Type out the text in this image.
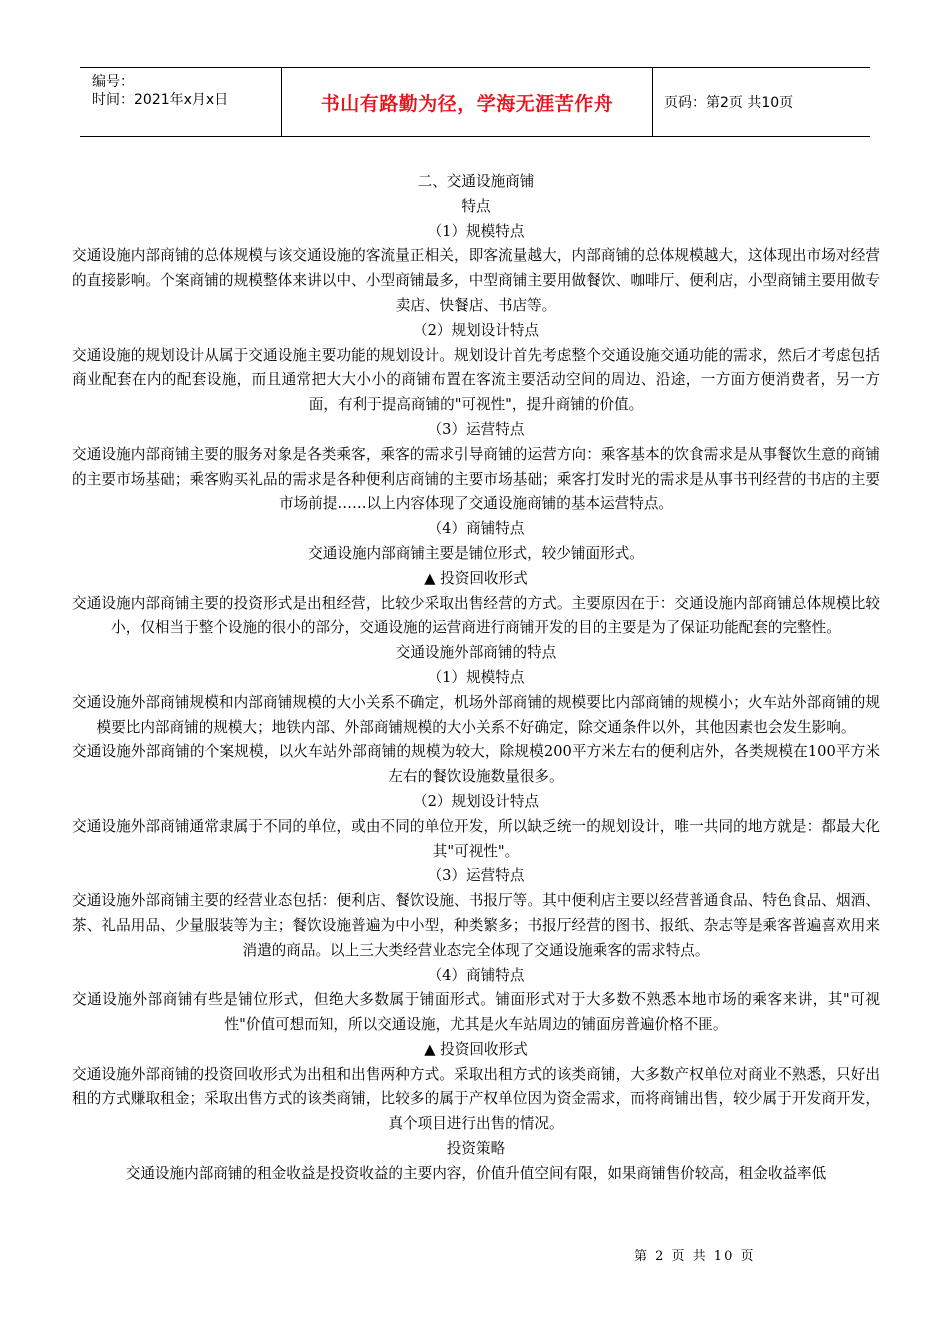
编号：
时间：2021年x月x日	书山有路勤为径，学海无涯苦作舟	页码：第2页 共10页
二、交通设施商铺
特点
（1）规模特点
交通设施内部商铺的总体规模与该交通设施的客流量正相关，即客流量越大，内部商铺的总体规模越大，这体现出市场对经营的直接影响。个案商铺的规模整体来讲以中、小型商铺最多，中型商铺主要用做餐饮、咖啡厅、便利店，小型商铺主要用做专卖店、快餐店、书店等。
（2）规划设计特点
交通设施的规划设计从属于交通设施主要功能的规划设计。规划设计首先考虑整个交通设施交通功能的需求，然后才考虑包括商业配套在内的配套设施，而且通常把大大小小的商铺布置在客流主要活动空间的周边、沿途，一方面方便消费者，另一方面，有利于提高商铺的"可视性"，提升商铺的价值。
（3）运营特点
交通设施内部商铺主要的服务对象是各类乘客，乘客的需求引导商铺的运营方向：乘客基本的饮食需求是从事餐饮生意的商铺的主要市场基础；乘客购买礼品的需求是各种便利店商铺的主要市场基础；乘客打发时光的需求是从事书刊经营的书店的主要市场前提……以上内容体现了交通设施商铺的基本运营特点。
（4）商铺特点
交通设施内部商铺主要是铺位形式，较少铺面形式。
▲ 投资回收形式
交通设施内部商铺主要的投资形式是出租经营，比较少采取出售经营的方式。主要原因在于：交通设施内部商铺总体规模比较小，仅相当于整个设施的很小的部分，交通设施的运营商进行商铺开发的目的主要是为了保证功能配套的完整性。
交通设施外部商铺的特点
（1）规模特点
交通设施外部商铺规模和内部商铺规模的大小关系不确定，机场外部商铺的规模要比内部商铺的规模小；火车站外部商铺的规模要比内部商铺的规模大；地铁内部、外部商铺规模的大小关系不好确定，除交通条件以外，其他因素也会发生影响。
交通设施外部商铺的个案规模，以火车站外部商铺的规模为较大，除规模200平方米左右的便利店外，各类规模在100平方米左右的餐饮设施数量很多。
（2）规划设计特点
交通设施外部商铺通常隶属于不同的单位，或由不同的单位开发，所以缺乏统一的规划设计，唯一共同的地方就是：都最大化其"可视性"。
（3）运营特点
交通设施外部商铺主要的经营业态包括：便利店、餐饮设施、书报厅等。其中便利店主要以经营普通食品、特色食品、烟酒、茶、礼品用品、少量服装等为主；餐饮设施普遍为中小型，种类繁多；书报厅经营的图书、报纸、杂志等是乘客普遍喜欢用来消遣的商品。以上三大类经营业态完全体现了交通设施乘客的需求特点。
（4）商铺特点
交通设施外部商铺有些是铺位形式，但绝大多数属于铺面形式。铺面形式对于大多数不熟悉本地市场的乘客来讲，其"可视性"价值可想而知，所以交通设施，尤其是火车站周边的铺面房普遍价格不匪。
▲ 投资回收形式
交通设施外部商铺的投资回收形式为出租和出售两种方式。采取出租方式的该类商铺，大多数产权单位对商业不熟悉，只好出租的方式赚取租金；采取出售方式的该类商铺，比较多的属于产权单位因为资金需求，而将商铺出售，较少属于开发商开发，真个项目进行出售的情况。
投资策略
交通设施内部商铺的租金收益是投资收益的主要内容，价值升值空间有限，如果商铺售价较高，租金收益率低
第 2 页 共 10 页
